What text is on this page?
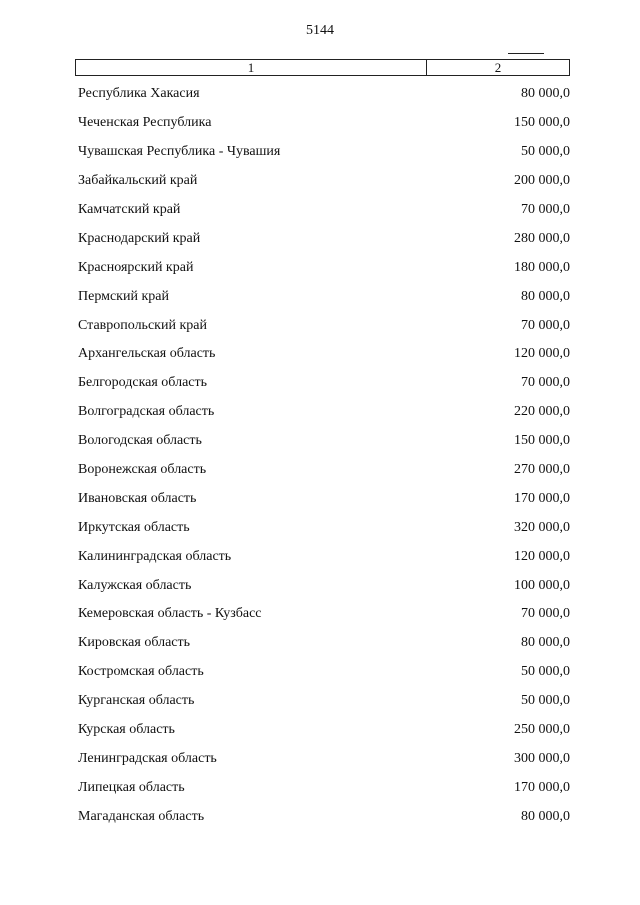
5144
1	2
Республика Хакасия	80 000,0
Чеченская Республика	150 000,0
Чувашская Республика - Чувашия	50 000,0
Забайкальский край	200 000,0
Камчатский край	70 000,0
Краснодарский край	280 000,0
Красноярский край	180 000,0
Пермский край	80 000,0
Ставропольский край	70 000,0
Архангельская область	120 000,0
Белгородская область	70 000,0
Волгоградская область	220 000,0
Вологодская область	150 000,0
Воронежская область	270 000,0
Ивановская область	170 000,0
Иркутская область	320 000,0
Калининградская область	120 000,0
Калужская область	100 000,0
Кемеровская область - Кузбасс	70 000,0
Кировская область	80 000,0
Костромская область	50 000,0
Курганская область	50 000,0
Курская область	250 000,0
Ленинградская область	300 000,0
Липецкая область	170 000,0
Магаданская область	80 000,0
